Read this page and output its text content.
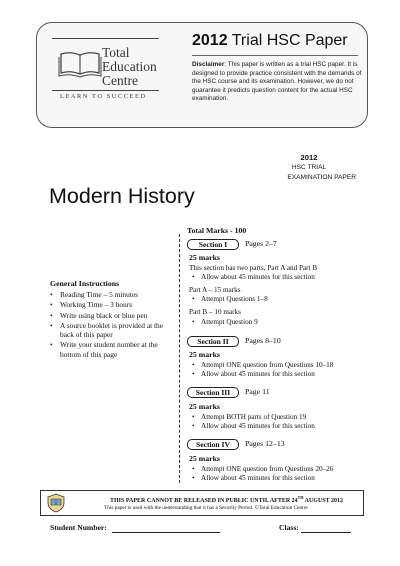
Total
Education
Centre
LEARN TO SUCCEED
2012 Trial HSC Paper
Disclaimer: This paper is written as a trial HSC paper. It is designed to provide practice consistent with the demands of the HSC course and its examination. However, we do not guarantee it predicts question content for the actual HSC examination.
2012
HSC TRIAL
EXAMINATION PAPER
Modern History
General Instructions
• Reading Time – 5 minutes
• Working Time – 3 hours
• Write using black or blue pen
• A source booklet is provided at the back of this paper
• Write your student number at the bottom of this page
Total Marks - 100
Section I	Pages 2–7
25 marks
This section has two parts, Part A and Part B
• Allow about 45 minutes for this section
Part A – 15 marks
• Attempt Questions 1–8
Part B – 10 marks
• Attempt Question 9
Section II	Pages 8–10
25 marks
• Attempt ONE question from Questions 10–18
• Allow about 45 minutes for this section
Section III	Page 11
25 marks
• Attempt BOTH parts of Question 19
• Allow about 45 minutes for this section
Section IV	Pages 12–13
25 marks
• Attempt ONE question from Questions 20–26
• Allow about 45 minutes for this section
THIS PAPER CANNOT BE RELEASED IN PUBLIC UNTIL AFTER 24TH AUGUST 2012
This paper is used with the understanding that it has a Security Period. ©Total Education Centre
Student Number:	Class:
